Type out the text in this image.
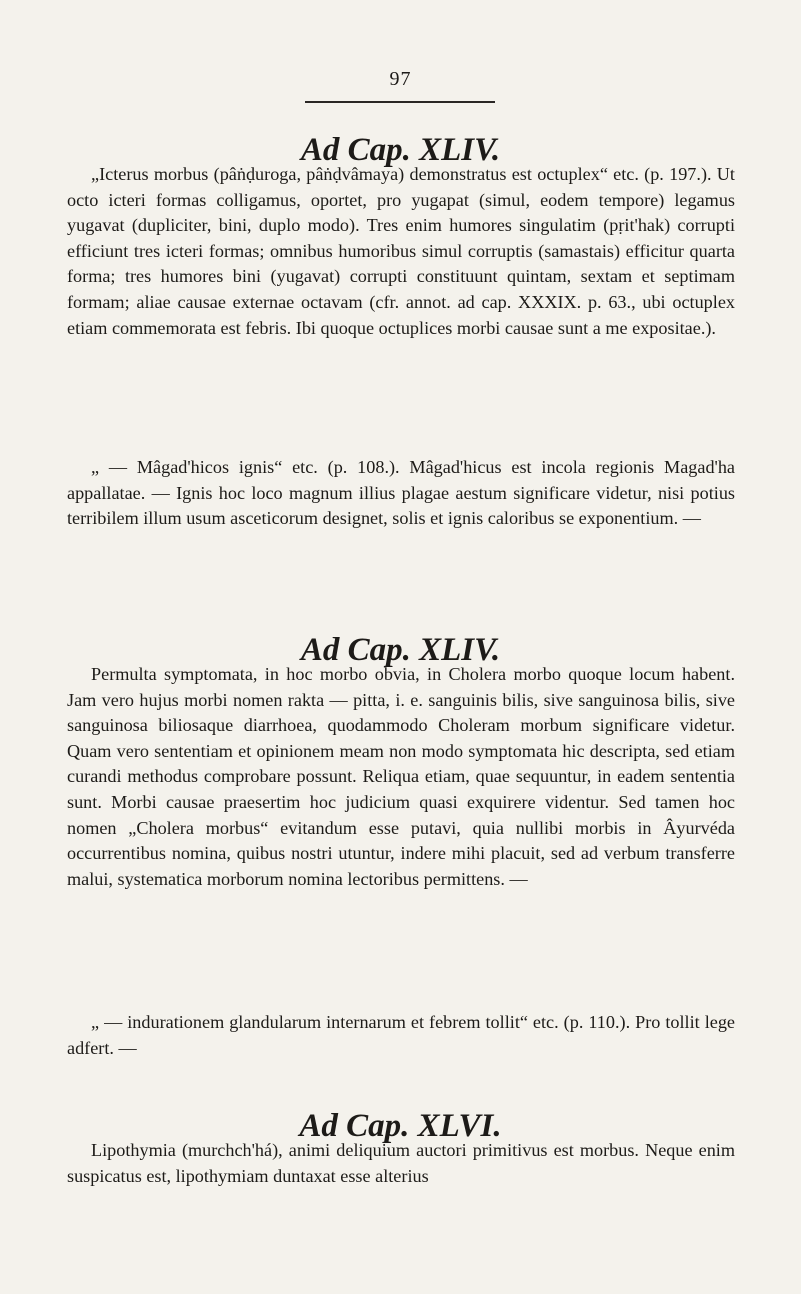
97
Ad Cap. XLIV.

„Icterus morbus (pâṅḍuroga, pâṅḍvâmaya) demonstratus est octuplex“ etc. (p. 197.). Ut octo icteri formas colligamus, oportet, pro yugapat (simul, eodem tempore) legamus yugavat (dupliciter, bini, duplo modo). Tres enim humores singulatim (pṛit'hak) corrupti efficiunt tres icteri formas; omnibus humoribus simul corruptis (samastais) efficitur quarta forma; tres humores bini (yugavat) corrupti constituunt quintam, sextam et septimam formam; aliae causae externae octavam (cfr. annot. ad cap. XXXIX. p. 63., ubi octuplex etiam commemorata est febris. Ibi quoque octuplices morbi causae sunt a me expositae.).

„ — Mâgad'hicos ignis“ etc. (p. 108.). Mâgad'hicus est incola regionis Magad'ha appallatae. — Ignis hoc loco magnum illius plagae aestum significare videtur, nisi potius terribilem illum usum asceticorum designet, solis et ignis caloribus se exponentium. —

Ad Cap. XLIV.

Permulta symptomata, in hoc morbo obvia, in Cholera morbo quoque locum habent. Jam vero hujus morbi nomen rakta — pitta, i. e. sanguinis bilis, sive sanguinosa bilis, sive sanguinosa biliosaque diarrhoea, quodammodo Choleram morbum significare videtur. Quam vero sententiam et opinionem meam non modo symptomata hic descripta, sed etiam curandi methodus comprobare possunt. Reliqua etiam, quae sequuntur, in eadem sententia sunt. Morbi causae praesertim hoc judicium quasi exquirere videntur. Sed tamen hoc nomen „Cholera morbus“ evitandum esse putavi, quia nullibi morbis in Âyurvéda occurrentibus nomina, quibus nostri utuntur, indere mihi placuit, sed ad verbum transferre malui, systematica morborum nomina lectoribus permittens. —

„ — indurationem glandularum internarum et febrem tollit“ etc. (p. 110.). Pro tollit lege adfert. —

Ad Cap. XLVI.

Lipothymia (murchch'há), animi deliquium auctori primitivus est morbus. Neque enim suspicatus est, lipothymiam duntaxat esse alterius
